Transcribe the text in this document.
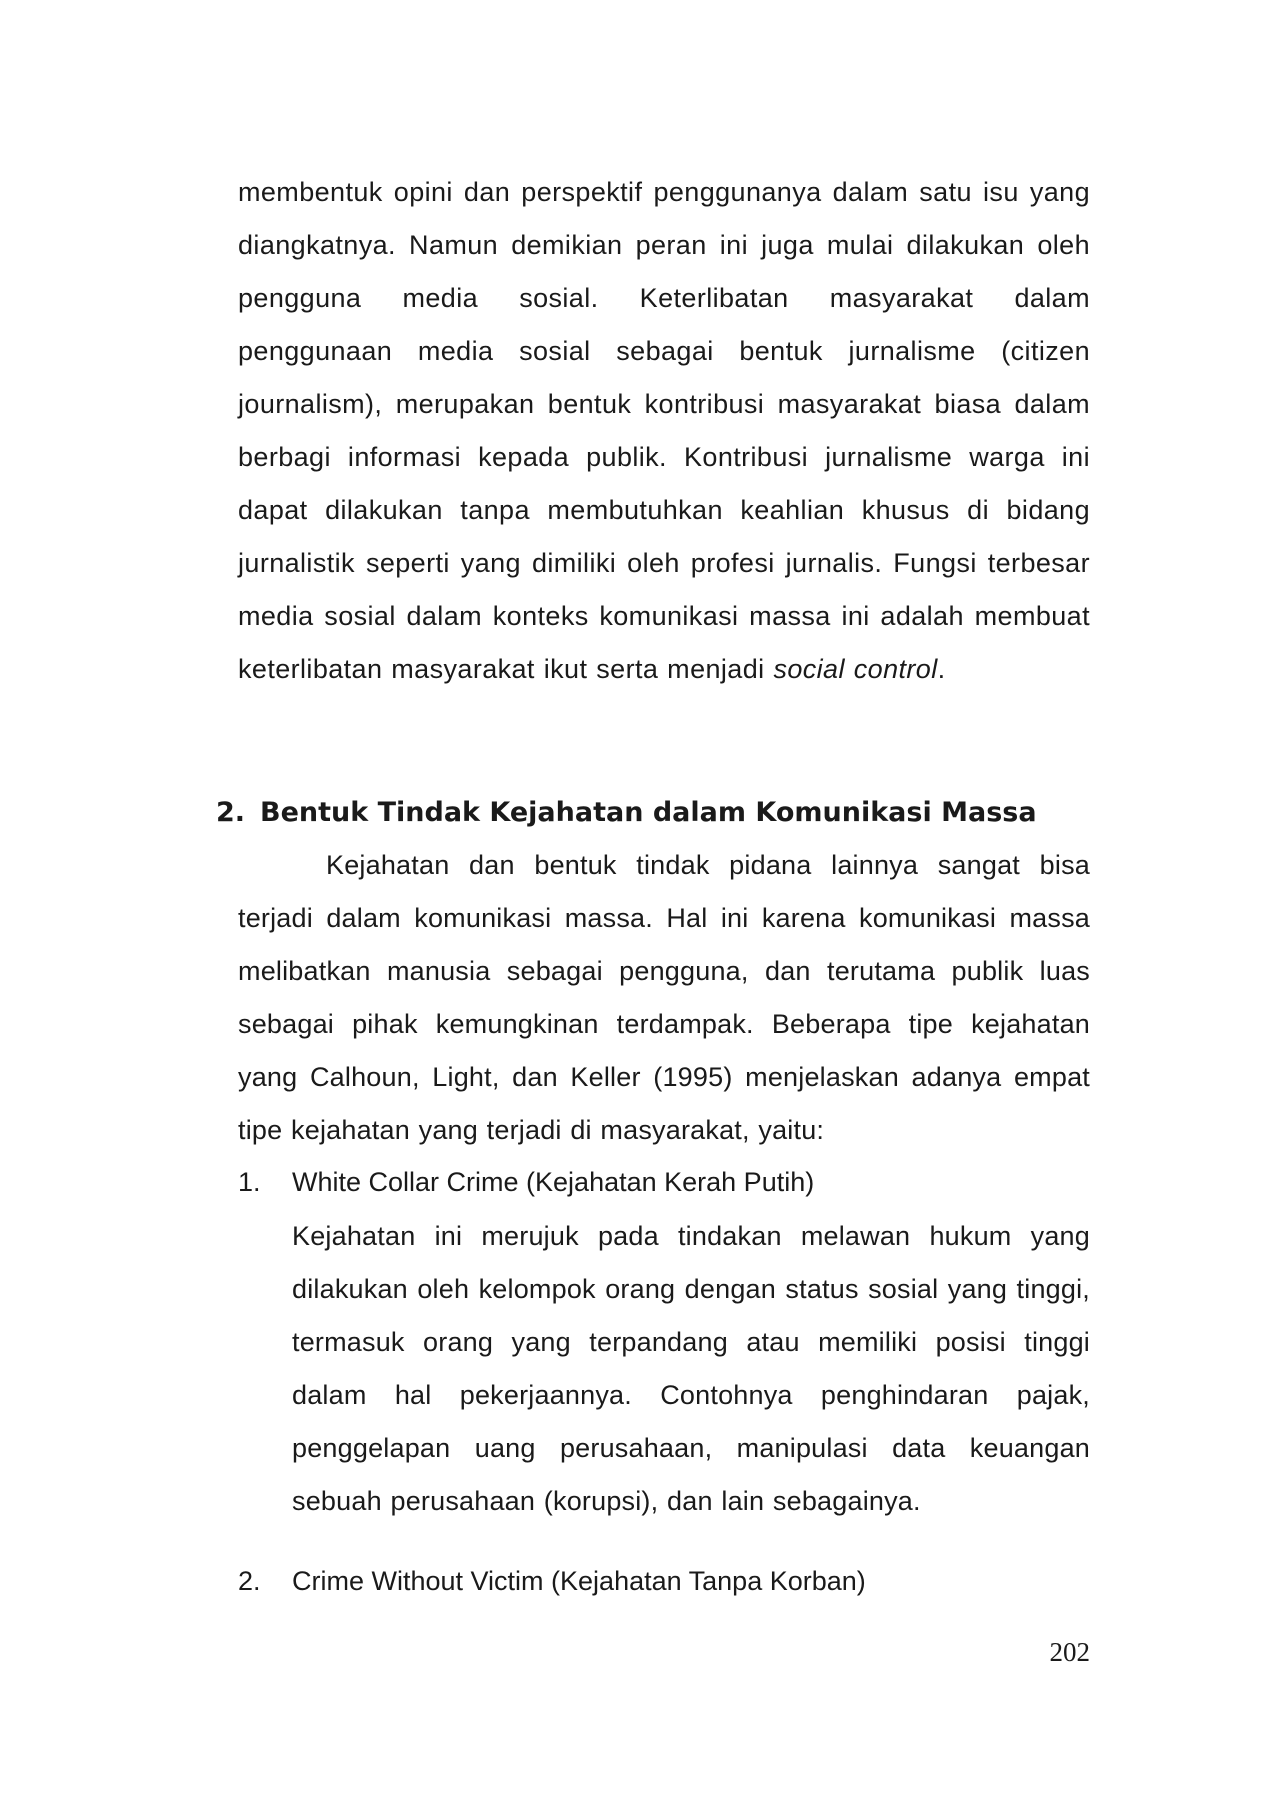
membentuk opini dan perspektif penggunanya dalam satu isu yang diangkatnya. Namun demikian peran ini juga mulai dilakukan oleh pengguna media sosial. Keterlibatan masyarakat dalam penggunaan media sosial sebagai bentuk jurnalisme (citizen journalism), merupakan bentuk kontribusi masyarakat biasa dalam berbagi informasi kepada publik. Kontribusi jurnalisme warga ini dapat dilakukan tanpa membutuhkan keahlian khusus di bidang jurnalistik seperti yang dimiliki oleh profesi jurnalis. Fungsi terbesar media sosial dalam konteks komunikasi massa ini adalah membuat keterlibatan masyarakat ikut serta menjadi social control.

2. Bentuk Tindak Kejahatan dalam Komunikasi Massa

Kejahatan dan bentuk tindak pidana lainnya sangat bisa terjadi dalam komunikasi massa. Hal ini karena komunikasi massa melibatkan manusia sebagai pengguna, dan terutama publik luas sebagai pihak kemungkinan terdampak. Beberapa tipe kejahatan yang Calhoun, Light, dan Keller (1995) menjelaskan adanya empat tipe kejahatan yang terjadi di masyarakat, yaitu:

1. White Collar Crime (Kejahatan Kerah Putih)

Kejahatan ini merujuk pada tindakan melawan hukum yang dilakukan oleh kelompok orang dengan status sosial yang tinggi, termasuk orang yang terpandang atau memiliki posisi tinggi dalam hal pekerjaannya. Contohnya penghindaran pajak, penggelapan uang perusahaan, manipulasi data keuangan sebuah perusahaan (korupsi), dan lain sebagainya.

2. Crime Without Victim (Kejahatan Tanpa Korban)
202
